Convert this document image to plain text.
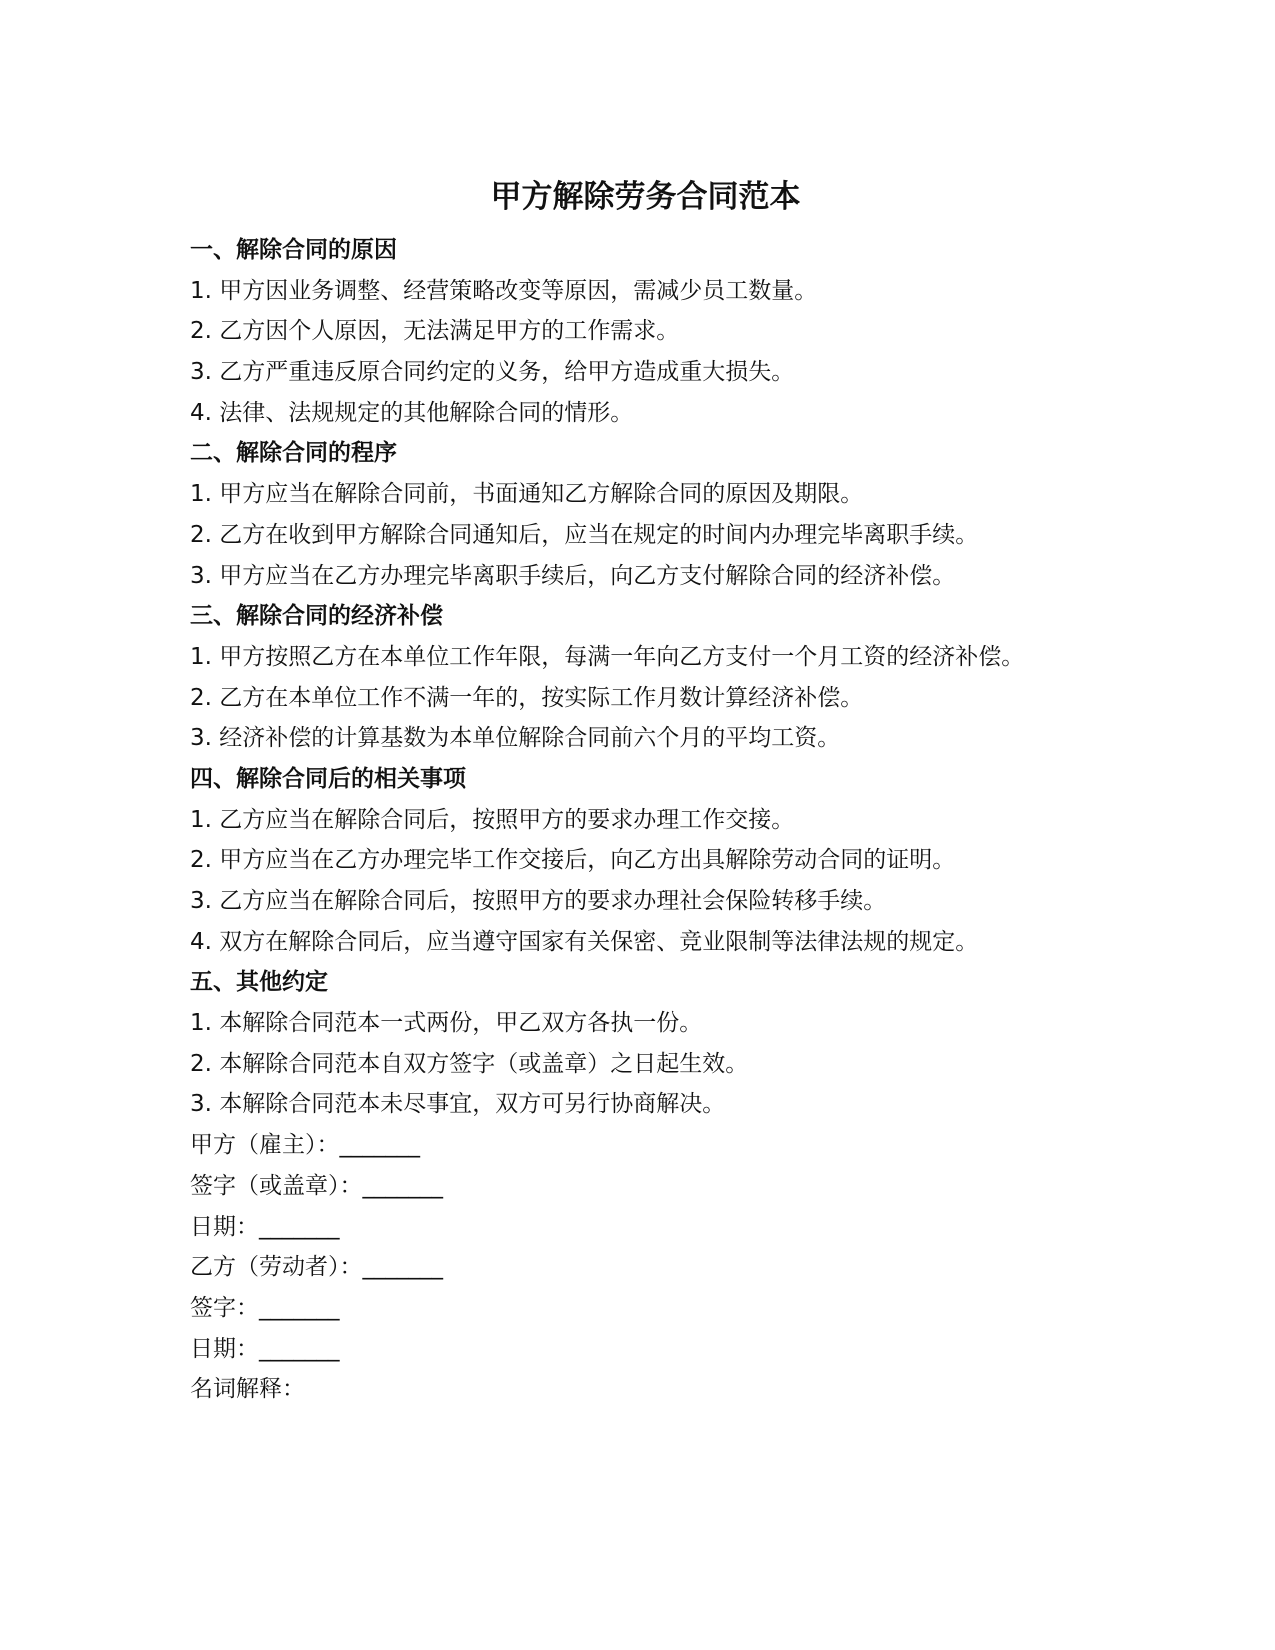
甲方解除劳务合同范本
一、解除合同的原因
1. 甲方因业务调整、经营策略改变等原因，需减少员工数量。
2. 乙方因个人原因，无法满足甲方的工作需求。
3. 乙方严重违反原合同约定的义务，给甲方造成重大损失。
4. 法律、法规规定的其他解除合同的情形。
二、解除合同的程序
1. 甲方应当在解除合同前，书面通知乙方解除合同的原因及期限。
2. 乙方在收到甲方解除合同通知后，应当在规定的时间内办理完毕离职手续。
3. 甲方应当在乙方办理完毕离职手续后，向乙方支付解除合同的经济补偿。
三、解除合同的经济补偿
1. 甲方按照乙方在本单位工作年限，每满一年向乙方支付一个月工资的经济补偿。
2. 乙方在本单位工作不满一年的，按实际工作月数计算经济补偿。
3. 经济补偿的计算基数为本单位解除合同前六个月的平均工资。
四、解除合同后的相关事项
1. 乙方应当在解除合同后，按照甲方的要求办理工作交接。
2. 甲方应当在乙方办理完毕工作交接后，向乙方出具解除劳动合同的证明。
3. 乙方应当在解除合同后，按照甲方的要求办理社会保险转移手续。
4. 双方在解除合同后，应当遵守国家有关保密、竞业限制等法律法规的规定。
五、其他约定
1. 本解除合同范本一式两份，甲乙双方各执一份。
2. 本解除合同范本自双方签字（或盖章）之日起生效。
3. 本解除合同范本未尽事宜，双方可另行协商解决。
甲方（雇主）：_______
签字（或盖章）：_______
日期：_______
乙方（劳动者）：_______
签字：_______
日期：_______
名词解释：
